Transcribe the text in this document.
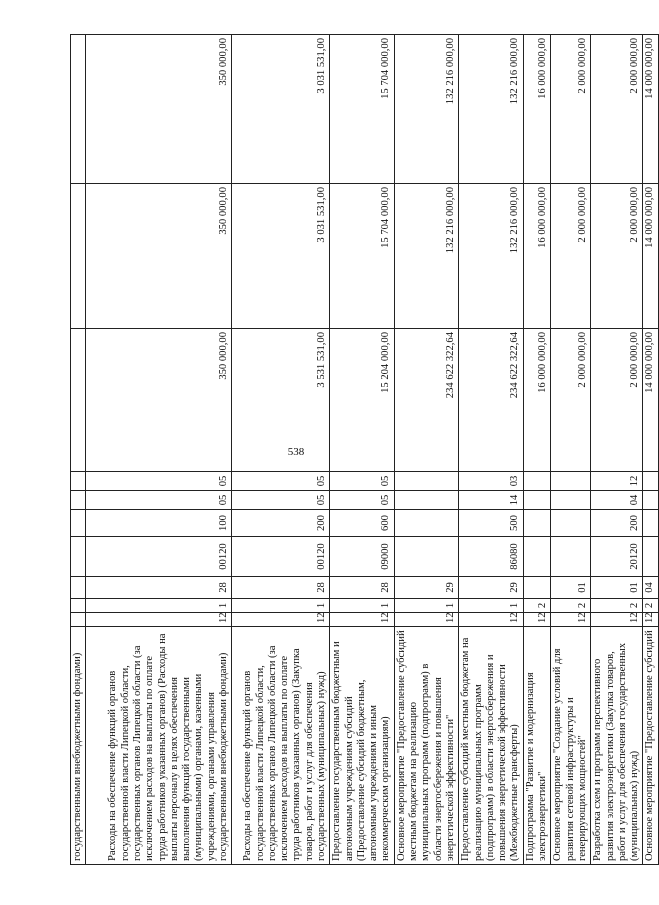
538
государственными внебюджетными фондами)										
Расходы на обеспечение функций органов государственной власти Липецкой области, государственных органов Липецкой области (за исключением расходов на выплаты по оплате труда работников указанных органов) (Расходы на выплаты персоналу в целях обеспечения выполнения функций государственными (муниципальными) органами, казенными учреждениями, органами управления государственными внебюджетными фондами)	12	1	28	00120	100	05	05	350 000,00	350 000,00	350 000,00
Расходы на обеспечение функций органов государственной власти Липецкой области, государственных органов Липецкой области (за исключением расходов на выплаты по оплате труда работников указанных органов) (Закупка товаров, работ и услуг для обеспечения государственных (муниципальных) нужд)	12	1	28	00120	200	05	05	3 531 531,00	3 031 531,00	3 031 531,00
Предоставление государственным бюджетным и автономным учреждениям субсидий (Предоставление субсидий бюджетным, автономным учреждениям и иным некоммерческим организациям)	12	1	28	09000	600	05	05	15 204 000,00	15 704 000,00	15 704 000,00
Основное мероприятие "Предоставление субсидий местным бюджетам на реализацию муниципальных программ (подпрограмм) в области энергосбережения и повышения энергетической эффективности"	12	1	29					234 622 322,64	132 216 000,00	132 216 000,00
Предоставление субсидий местным бюджетам на реализацию муниципальных программ (подпрограмм) в области энергосбережения и повышения энергетической эффективности (Межбюджетные трансферты)	12	1	29	86080	500	14	03	234 622 322,64	132 216 000,00	132 216 000,00
Подпрограмма "Развитие и модернизация электроэнергетики"	12	2						16 000 000,00	16 000 000,00	16 000 000,00
Основное мероприятие "Создание условий для развития сетевой инфраструктуры и генерирующих мощностей"	12	2	01					2 000 000,00	2 000 000,00	2 000 000,00
Разработка схем и программ перспективного развития электроэнергетики (Закупка товаров, работ и услуг для обеспечения государственных (муниципальных) нужд)	12	2	01	20120	200	04	12	2 000 000,00	2 000 000,00	2 000 000,00
Основное мероприятие "Предоставление субсидий	12	2	04					14 000 000,00	14 000 000,00	14 000 000,00
